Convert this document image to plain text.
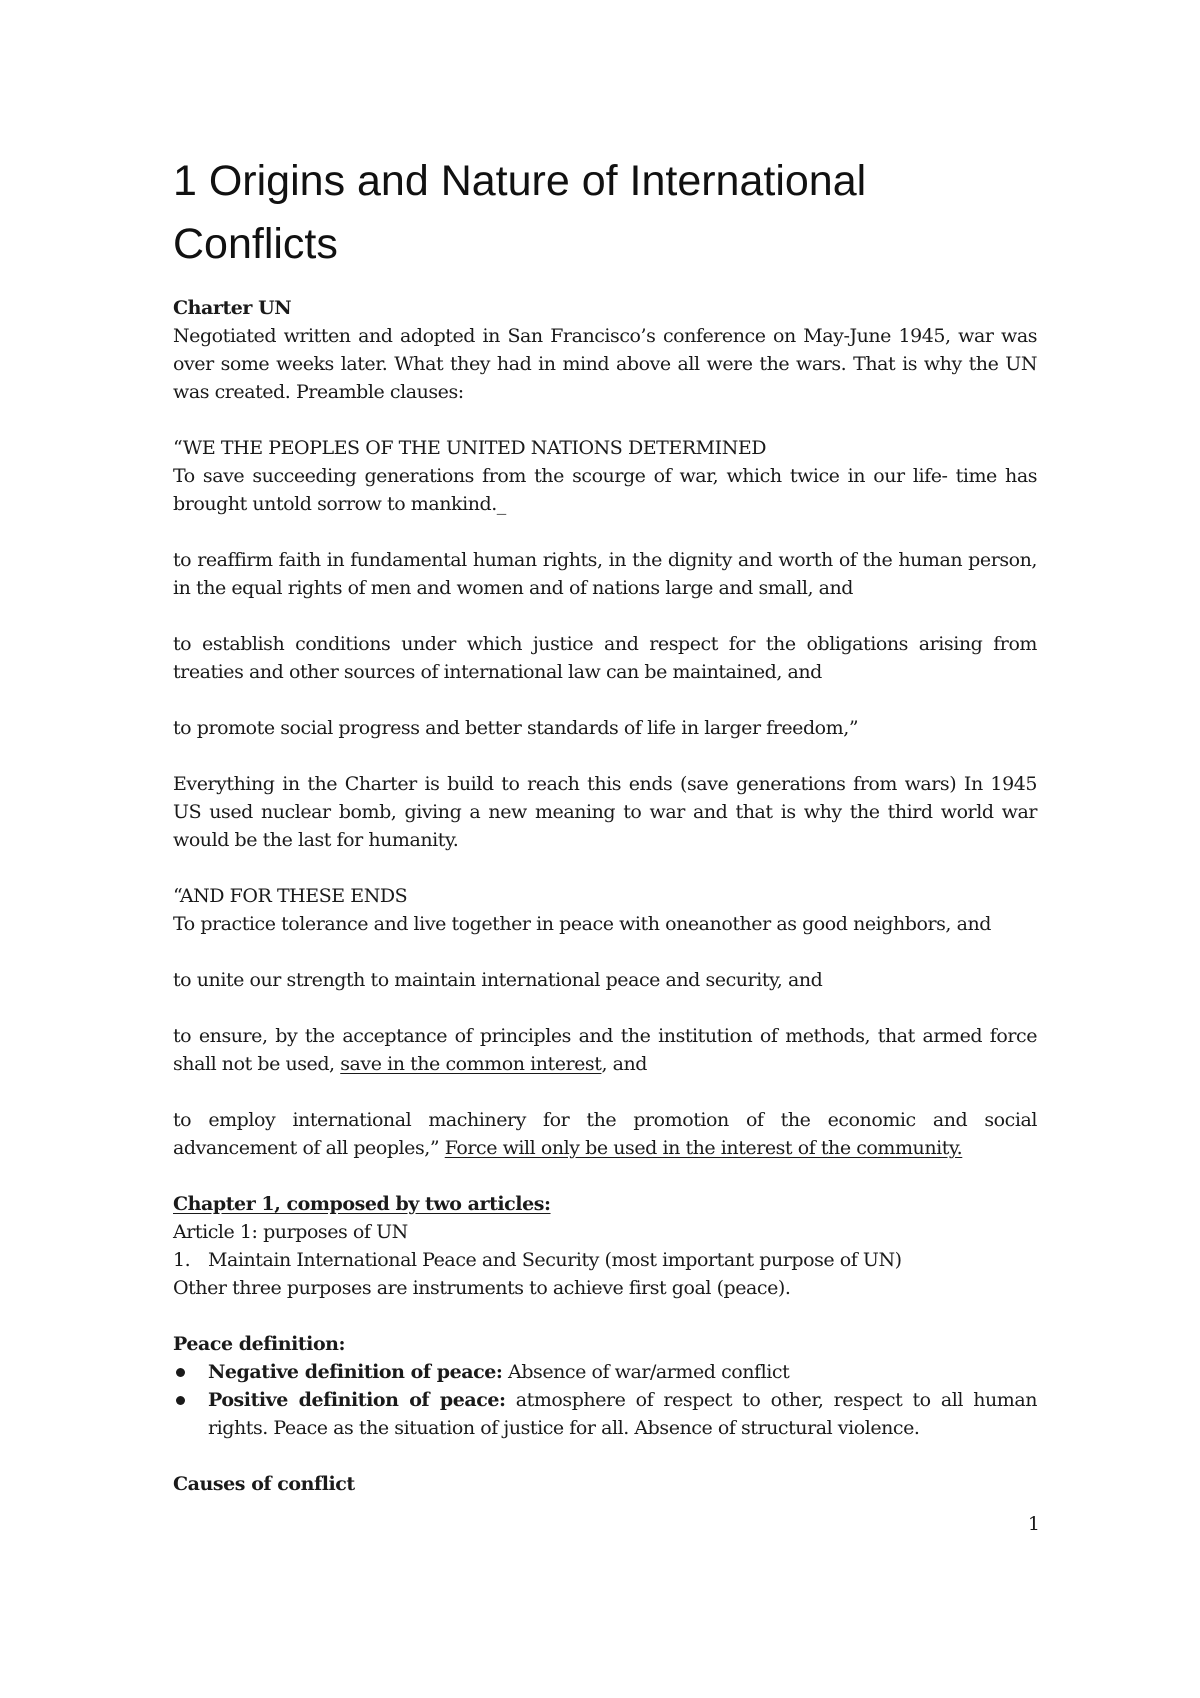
1 Origins and Nature of International Conflicts

Charter UN

Negotiated written and adopted in San Francisco’s conference on May-June 1945, war was over some weeks later. What they had in mind above all were the wars. That is why the UN was created. Preamble clauses:

“WE THE PEOPLES OF THE UNITED NATIONS DETERMINED

To save succeeding generations from the scourge of war, which twice in our life- time has brought untold sorrow to mankind._

to reaffirm faith in fundamental human rights, in the dignity and worth of the human person, in the equal rights of men and women and of nations large and small, and

to establish conditions under which justice and respect for the obligations arising from treaties and other sources of international law can be maintained, and

to promote social progress and better standards of life in larger freedom,”

Everything in the Charter is build to reach this ends (save generations from wars) In 1945 US used nuclear bomb, giving a new meaning to war and that is why the third world war would be the last for humanity.

“AND FOR THESE ENDS

To practice tolerance and live together in peace with oneanother as good neighbors, and

to unite our strength to maintain international peace and security, and

to ensure, by the acceptance of principles and the institution of methods, that armed force shall not be used, save in the common interest, and

to employ international machinery for the promotion of the economic and social advancement of all peoples,” Force will only be used in the interest of the community.

Chapter 1, composed by two articles:

Article 1: purposes of UN

1. Maintain International Peace and Security (most important purpose of UN)

Other three purposes are instruments to achieve first goal (peace).

Peace definition:

Negative definition of peace: Absence of war/armed conflict
Positive definition of peace: atmosphere of respect to other, respect to all human rights. Peace as the situation of justice for all. Absence of structural violence.

Causes of conflict

1
